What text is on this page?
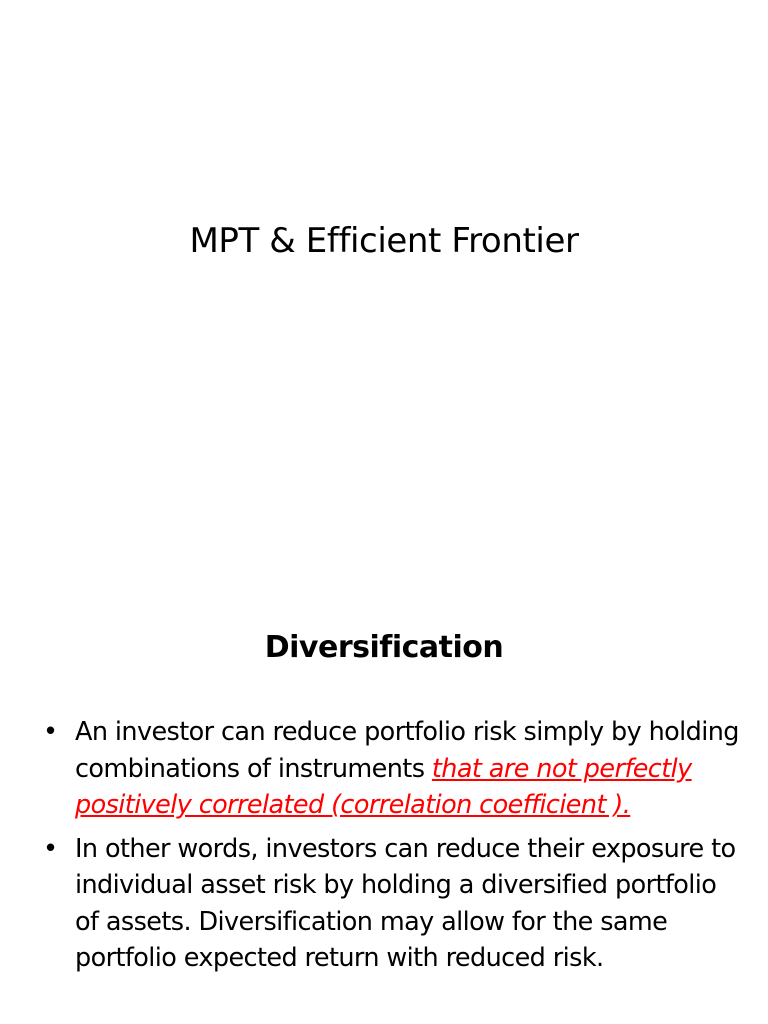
MPT & Efficient Frontier
Diversification
• An investor can reduce portfolio risk simply by holding combinations of instruments that are not perfectly positively correlated (correlation coefficient ).
• In other words, investors can reduce their exposure to individual asset risk by holding a diversified portfolio of assets. Diversification may allow for the same portfolio expected return with reduced risk.
